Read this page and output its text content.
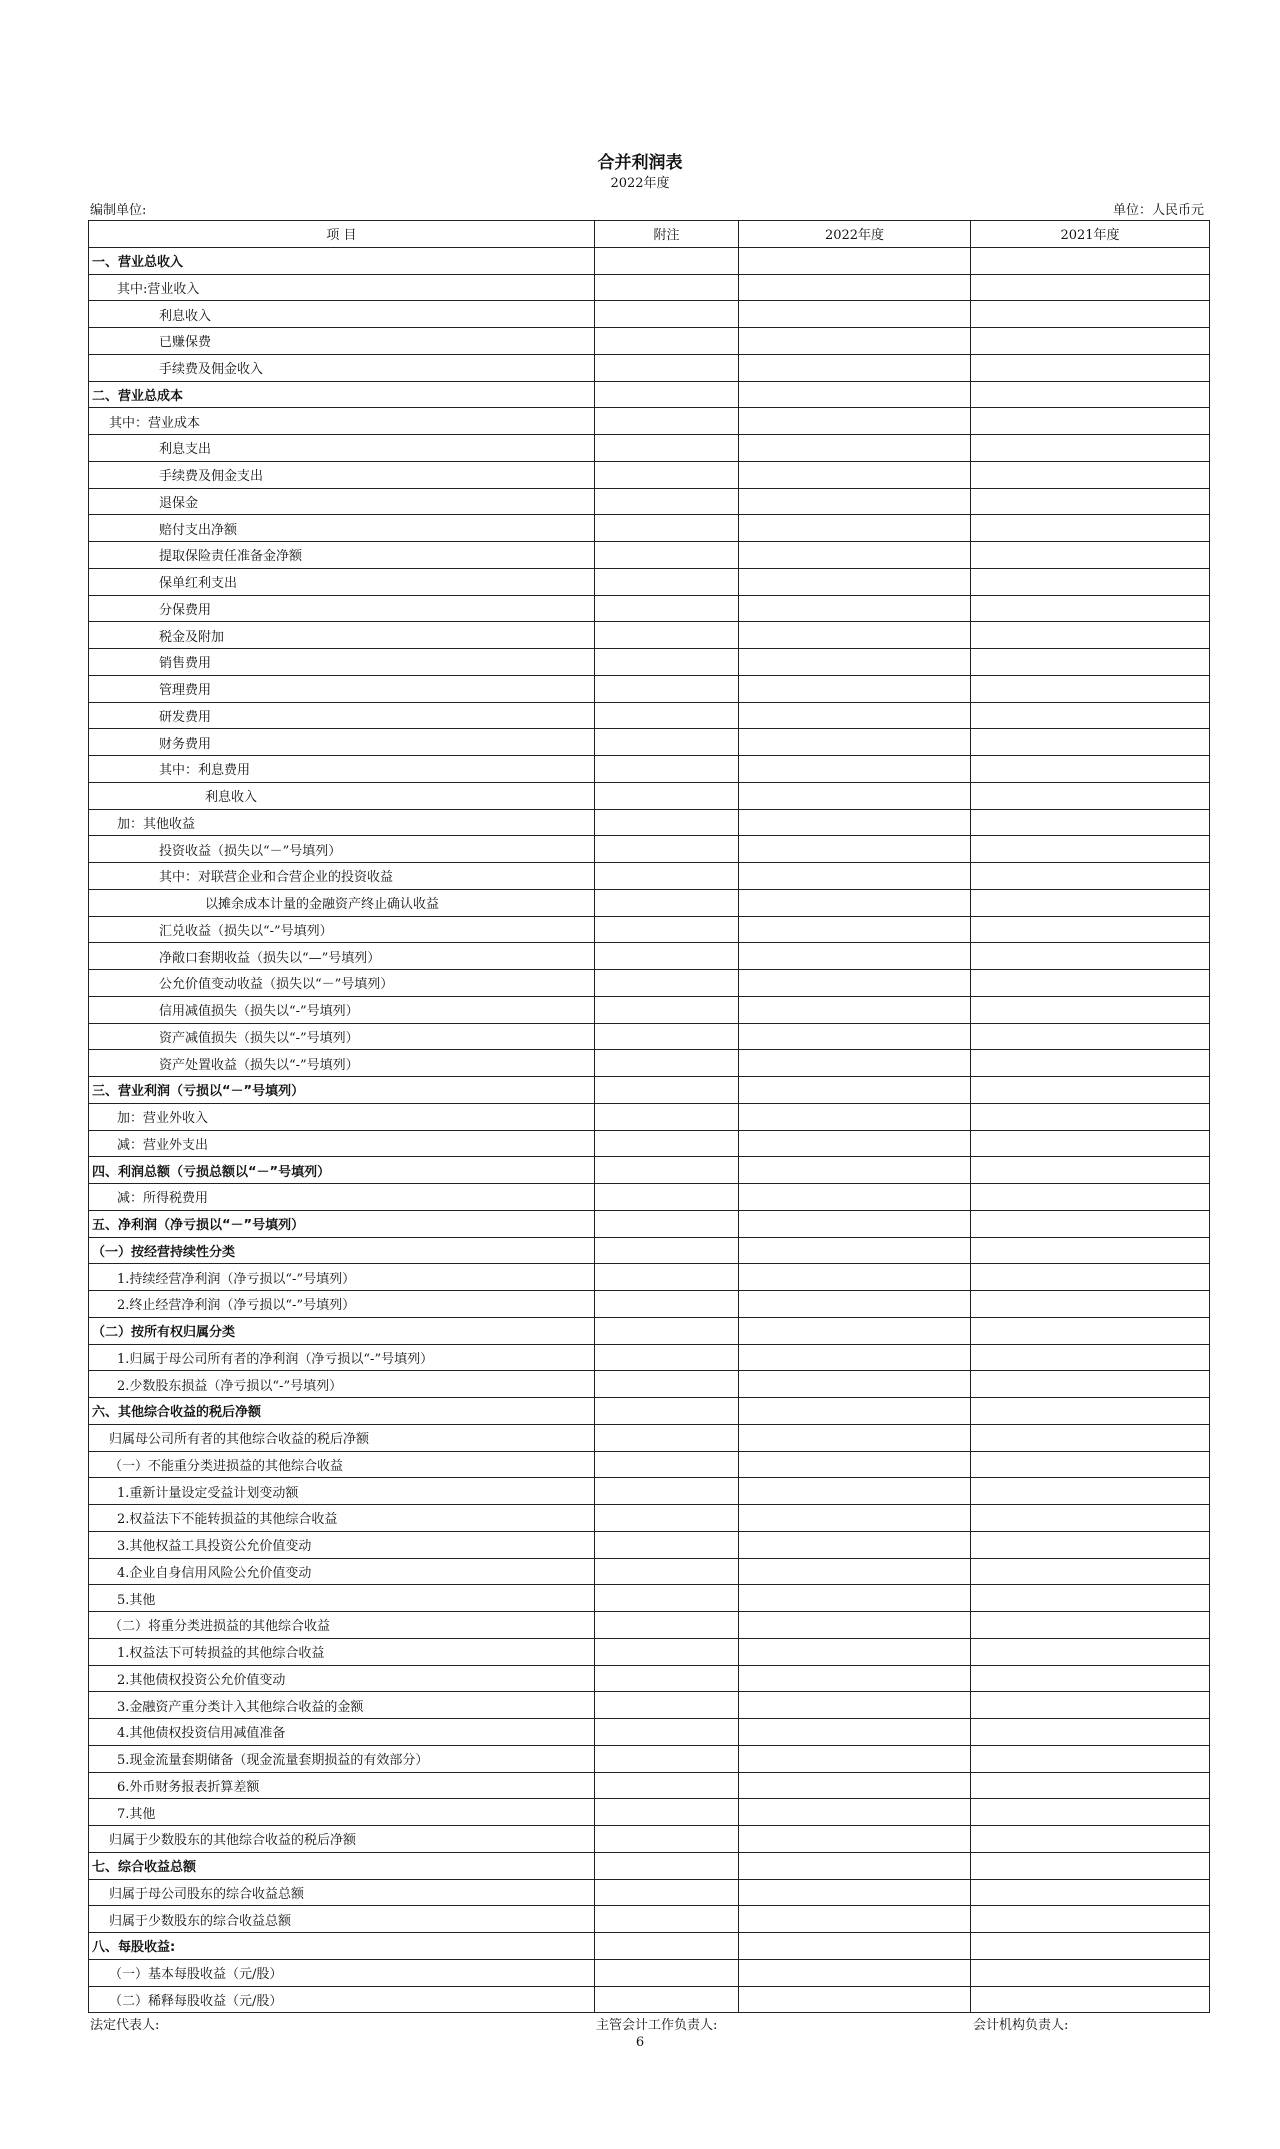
合并利润表
2022年度
编制单位:	单位：人民币元
项 目	附注	2022年度	2021年度
一、营业总收入			
其中:营业收入			
利息收入			
已赚保费			
手续费及佣金收入			
二、营业总成本			
其中：营业成本			
利息支出			
手续费及佣金支出			
退保金			
赔付支出净额			
提取保险责任准备金净额			
保单红利支出			
分保费用			
税金及附加			
销售费用			
管理费用			
研发费用			
财务费用			
其中：利息费用			
利息收入			
加：其他收益			
投资收益（损失以“－”号填列）			
其中：对联营企业和合营企业的投资收益			
以摊余成本计量的金融资产终止确认收益			
汇兑收益（损失以“-”号填列）			
净敞口套期收益（损失以“—”号填列）			
公允价值变动收益（损失以“－”号填列）			
信用减值损失（损失以“-”号填列）			
资产减值损失（损失以“-”号填列）			
资产处置收益（损失以“-”号填列）			
三、营业利润（亏损以“－”号填列）			
加：营业外收入			
减：营业外支出			
四、利润总额（亏损总额以“－”号填列）			
减：所得税费用			
五、净利润（净亏损以“－”号填列）			
（一）按经营持续性分类			
1.持续经营净利润（净亏损以“-”号填列）			
2.终止经营净利润（净亏损以“-”号填列）			
（二）按所有权归属分类			
1.归属于母公司所有者的净利润（净亏损以“-”号填列）			
2.少数股东损益（净亏损以“-”号填列）			
六、其他综合收益的税后净额			
归属母公司所有者的其他综合收益的税后净额			
（一）不能重分类进损益的其他综合收益			
1.重新计量设定受益计划变动额			
2.权益法下不能转损益的其他综合收益			
3.其他权益工具投资公允价值变动			
4.企业自身信用风险公允价值变动			
5.其他			
（二）将重分类进损益的其他综合收益			
1.权益法下可转损益的其他综合收益			
2.其他债权投资公允价值变动			
3.金融资产重分类计入其他综合收益的金额			
4.其他债权投资信用减值准备			
5.现金流量套期储备（现金流量套期损益的有效部分）			
6.外币财务报表折算差额			
7.其他			
归属于少数股东的其他综合收益的税后净额			
七、综合收益总额			
归属于母公司股东的综合收益总额			
归属于少数股东的综合收益总额			
八、每股收益:			
（一）基本每股收益（元/股）			
（二）稀释每股收益（元/股）			
法定代表人:	主管会计工作负责人:	会计机构负责人:
6
